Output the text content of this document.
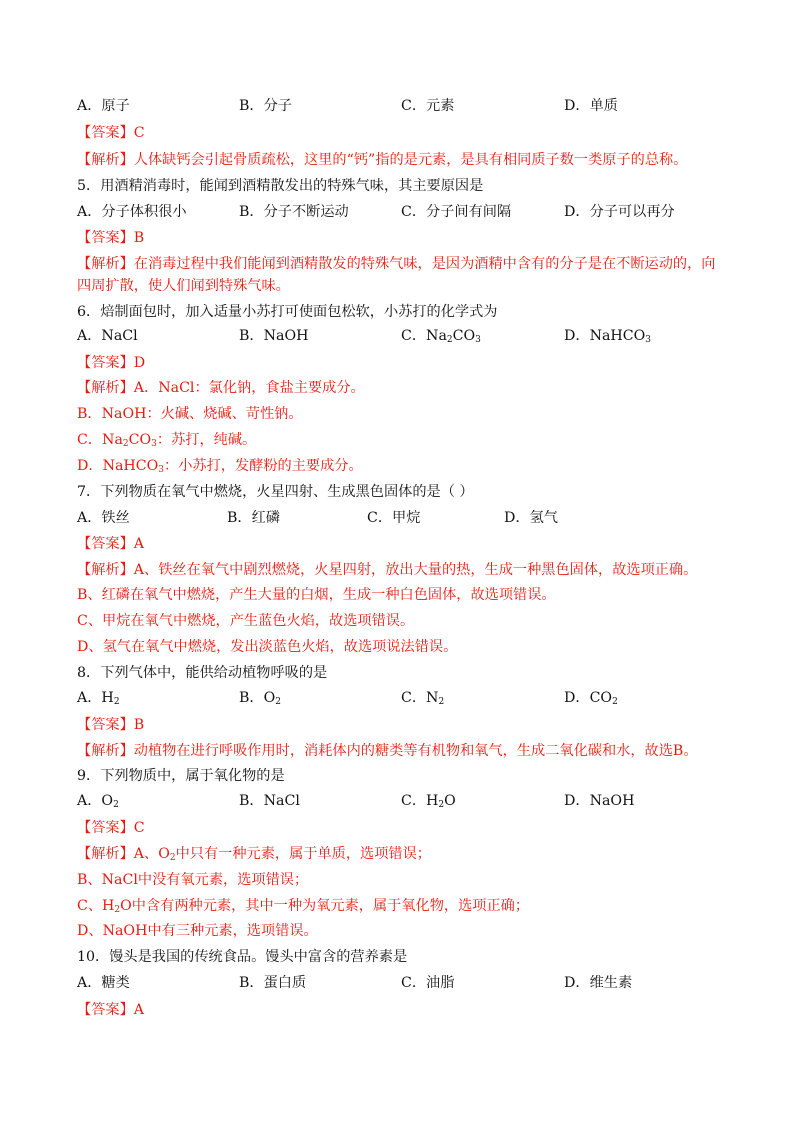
A．原子	B．分子	C．元素	D．单质
【答案】C
【解析】人体缺钙会引起骨质疏松，这里的“钙”指的是元素，是具有相同质子数一类原子的总称。
5．用酒精消毒时，能闻到酒精散发出的特殊气味，其主要原因是
A．分子体积很小	B．分子不断运动	C．分子间有间隔	D．分子可以再分
【答案】B
【解析】在消毒过程中我们能闻到酒精散发的特殊气味，是因为酒精中含有的分子是在不断运动的，向
四周扩散，使人们闻到特殊气味。
6．焙制面包时，加入适量小苏打可使面包松软，小苏打的化学式为
A．NaCl	B．NaOH	C．$Na_2CO_3$	D．NaHCO$_3$
【答案】D
【解析】A．NaCl：氯化钠，食盐主要成分。
B．NaOH：火碱、烧碱、苛性钠。
C．$Na_2CO_3$：苏打，纯碱。
D．NaHCO$_3$：小苏打，发酵粉的主要成分。
7．下列物质在氧气中燃烧，火星四射、生成黑色固体的是（ ）
A．铁丝	B．红磷	C．甲烷	D．氢气
【答案】A
【解析】A、铁丝在氧气中剧烈燃烧，火星四射，放出大量的热，生成一种黑色固体，故选项正确。
B、红磷在氧气中燃烧，产生大量的白烟，生成一种白色固体，故选项错误。
C、甲烷在氧气中燃烧，产生蓝色火焰，故选项错误。
D、氢气在氧气中燃烧，发出淡蓝色火焰，故选项说法错误。
8．下列气体中，能供给动植物呼吸的是
A．$H_2$	B．$O_2$	C．$N_2$	D．$CO_2$
【答案】B
【解析】动植物在进行呼吸作用时，消耗体内的糖类等有机物和氧气，生成二氧化碳和水，故选B。
9．下列物质中，属于氧化物的是
A．$O_2$	B．NaCl	C．$H_2O$	D．NaOH
【答案】C
【解析】A、$O_2$中只有一种元素，属于单质，选项错误；
B、NaCl中没有氧元素，选项错误；
C、$H_2O$中含有两种元素，其中一种为氧元素，属于氧化物，选项正确；
D、NaOH中有三种元素，选项错误。
10．馒头是我国的传统食品。馒头中富含的营养素是
A．糖类	B．蛋白质	C．油脂	D．维生素
【答案】A
